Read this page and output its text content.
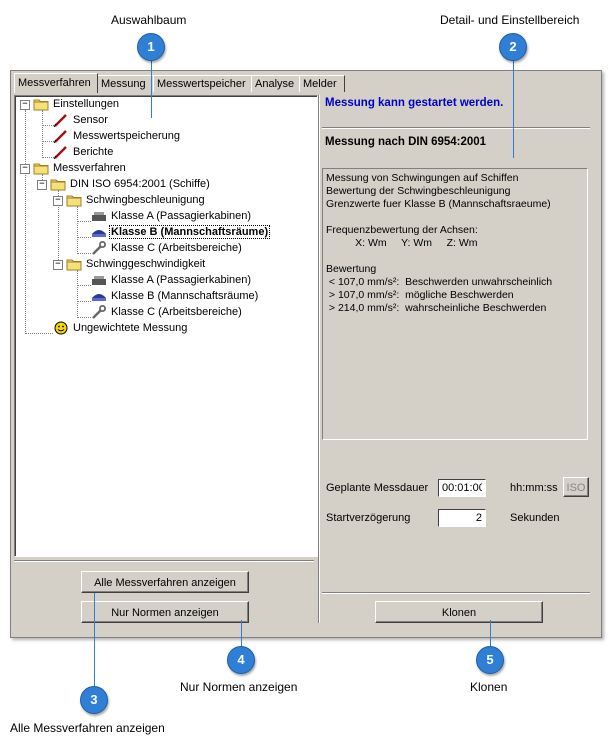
Auswahlbaum	Detail- und Einstellbereich
Nur Normen anzeigen	Klonen
Alle Messverfahren anzeigen
Messverfahren Messung	Messwertspeicher Analyse Melder
−
−
−
−
−
Einstellungen
Sensor
Messwertspeicherung
Berichte
Messverfahren
DIN ISO 6954:2001 (Schiffe)
Schwingbeschleunigung
Klasse A (Passagierkabinen)
Klasse B (Mannschaftsräume)
Klasse C (Arbeitsbereiche)
Schwinggeschwindigkeit
Klasse A (Passagierkabinen)
Klasse B (Mannschaftsräume)
Klasse C (Arbeitsbereiche)
Ungewichtete Messung
Alle Messverfahren anzeigen
Nur Normen anzeigen
Messung kann gestartet werden.
Messung nach DIN 6954:2001
Messung von Schwingungen auf Schiffen
Bewertung der Schwingbeschleunigung
Grenzwerte fuer Klasse B (Mannschaftsraeume)

Frequenzbewertung der Achsen:
X: Wm     Y: Wm     Z: Wm

Bewertung
< 107,0 mm/s²:  Beschwerden unwahrscheinlich
> 107,0 mm/s²:  mögliche Beschwerden
> 214,0 mm/s²:  wahrscheinliche Beschwerden
Geplante Messdauer
00:01:00	hh:mm:ss ISO
Startverzögerung
2	Sekunden
Klonen
1	2
4	5
3
